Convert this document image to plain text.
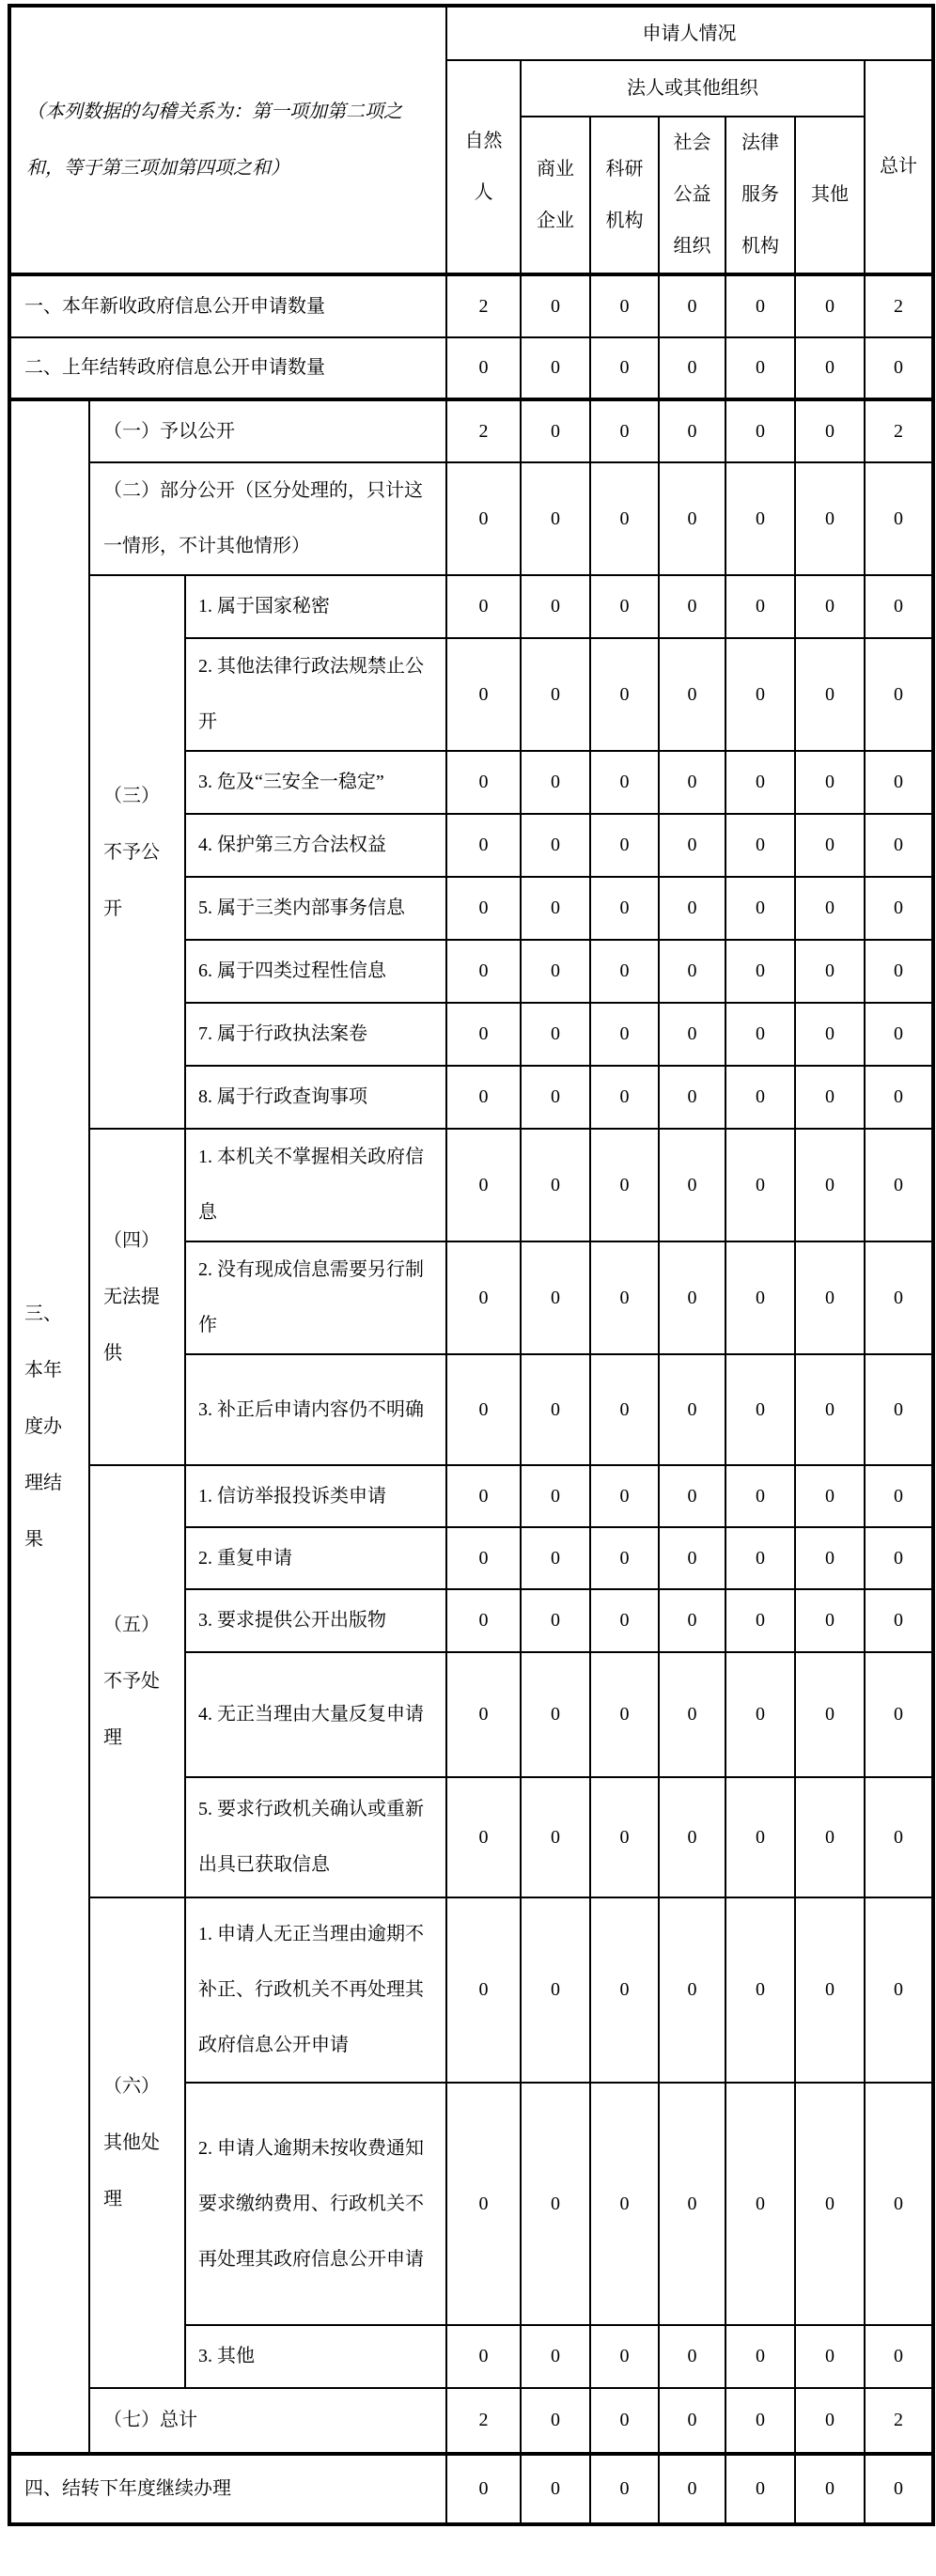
（本列数据的勾稽关系为：第一项加第二项之和，等于第三项加第四项之和）			申请人情况						
			自然人	法人或其他组织					总计
				商业企业	科研机构	社会公益组织	法律服务机构	其他	
一、本年新收政府信息公开申请数量			2	0	0	0	0	0	2
二、上年结转政府信息公开申请数量			0	0	0	0	0	0	0
三、本年度办理结果	（一）予以公开		2	0	0	0	0	0	2
	（二）部分公开（区分处理的，只计这一情形，不计其他情形）		0	0	0	0	0	0	0
	（三）不予公开	1. 属于国家秘密	0	0	0	0	0	0	0
		2. 其他法律行政法规禁止公开	0	0	0	0	0	0	0
		3. 危及“三安全一稳定”	0	0	0	0	0	0	0
		4. 保护第三方合法权益	0	0	0	0	0	0	0
		5. 属于三类内部事务信息	0	0	0	0	0	0	0
		6. 属于四类过程性信息	0	0	0	0	0	0	0
		7. 属于行政执法案卷	0	0	0	0	0	0	0
		8. 属于行政查询事项	0	0	0	0	0	0	0
	（四）无法提供	1. 本机关不掌握相关政府信息	0	0	0	0	0	0	0
		2. 没有现成信息需要另行制作	0	0	0	0	0	0	0
		3. 补正后申请内容仍不明确	0	0	0	0	0	0	0
	（五）不予处理	1. 信访举报投诉类申请	0	0	0	0	0	0	0
		2. 重复申请	0	0	0	0	0	0	0
		3. 要求提供公开出版物	0	0	0	0	0	0	0
		4. 无正当理由大量反复申请	0	0	0	0	0	0	0
		5. 要求行政机关确认或重新出具已获取信息	0	0	0	0	0	0	0
	（六）其他处理	1. 申请人无正当理由逾期不补正、行政机关不再处理其政府信息公开申请	0	0	0	0	0	0	0
		2. 申请人逾期未按收费通知要求缴纳费用、行政机关不再处理其政府信息公开申请	0	0	0	0	0	0	0
		3. 其他	0	0	0	0	0	0	0
	（七）总计		2	0	0	0	0	0	2
四、结转下年度继续办理			0	0	0	0	0	0	0
